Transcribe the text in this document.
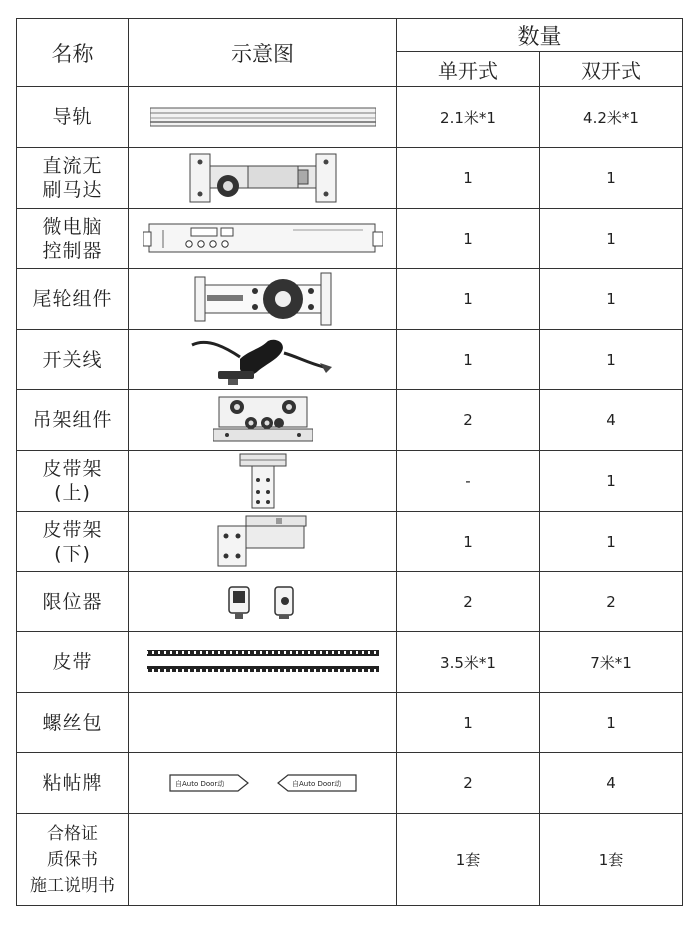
名称	示意图	数量	
		单开式	双开式
导轨		2.1米*1	4.2米*1

直流无
刷马达		1	1

微电脑
控制器		1	1
尾轮组件		1	1
开关线		1	1
吊架组件		2	4

皮带架
(上)		-	1

皮带架
(下)		1	1
限位器		2	2
皮带		3.5米*1	7米*1
螺丝包		1	1
粘帖牌	自Auto Door动 自Auto Door动	2	4

合格证
质保书
施工说明书		1套	1套
